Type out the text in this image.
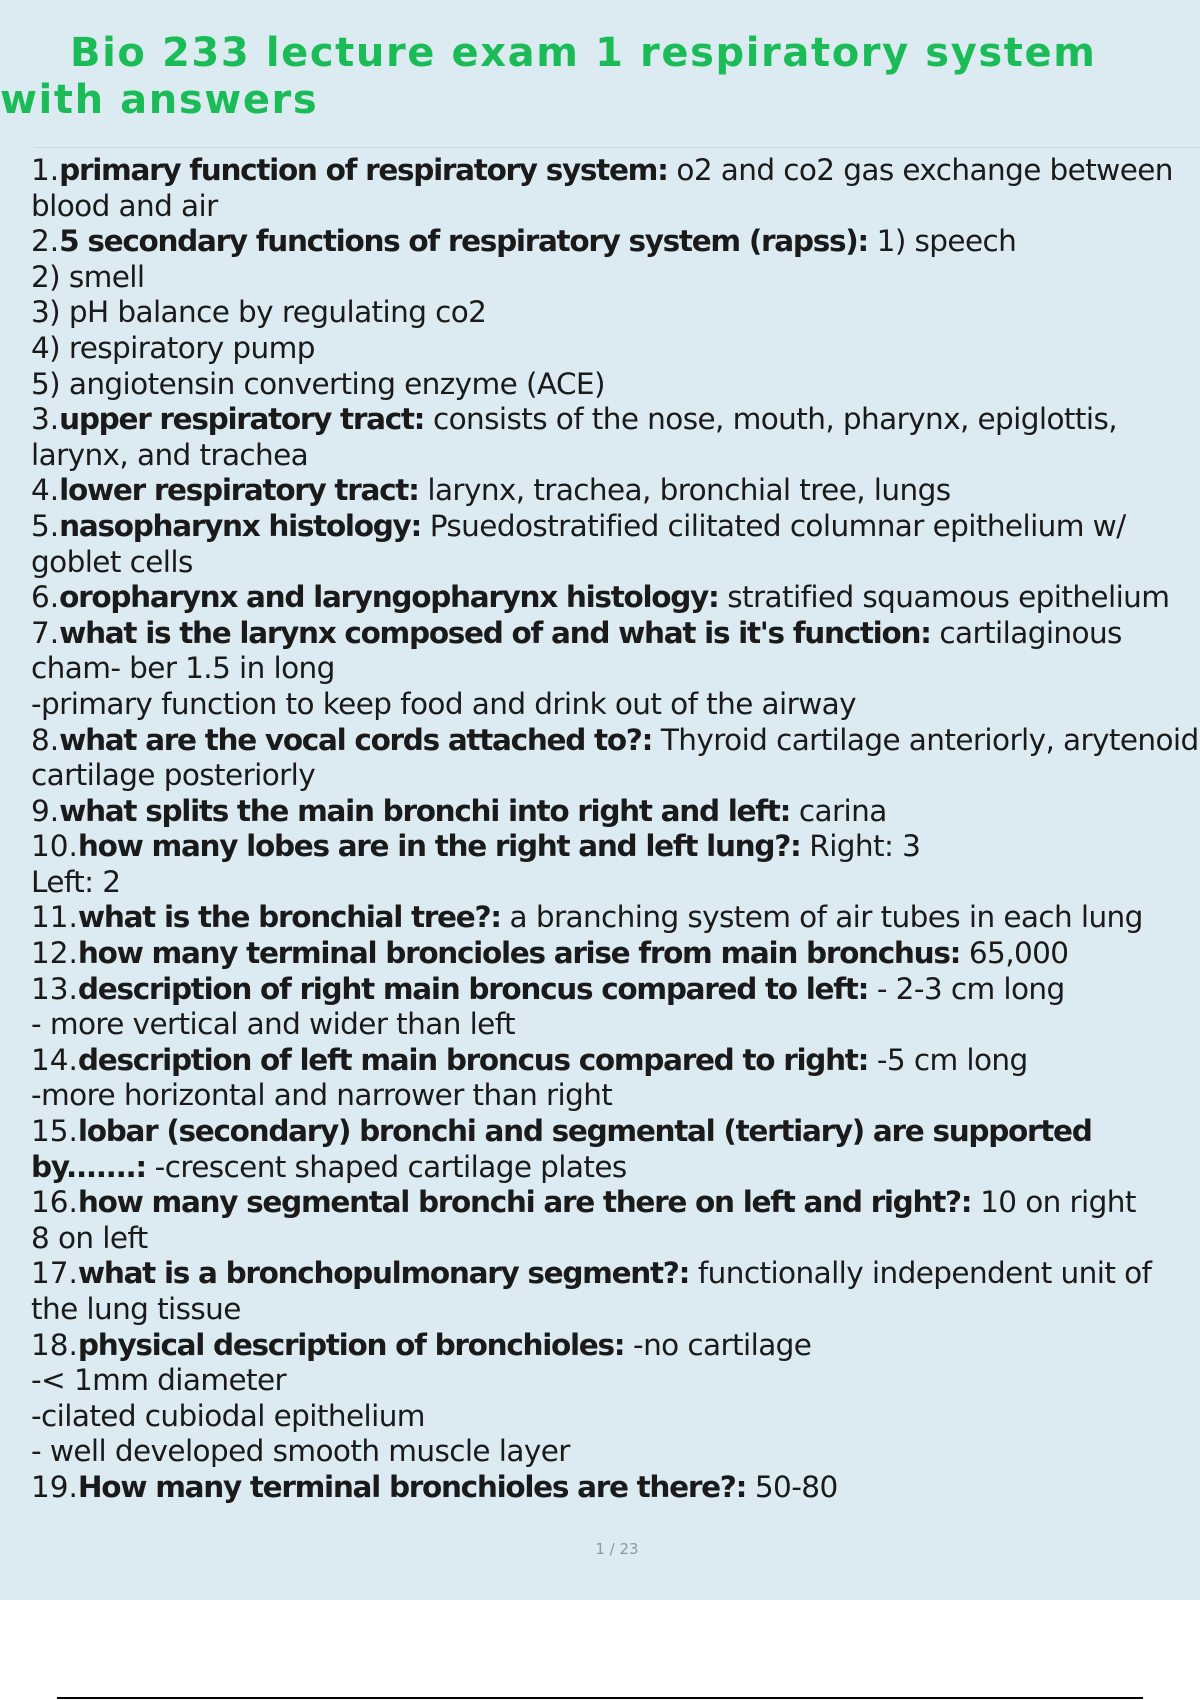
Bio 233 lecture exam 1 respiratory system with answers

1.primary function of respiratory system: o2 and co2 gas exchange between blood and air

2.5 secondary functions of respiratory system (rapss): 1) speech
2) smell
3) pH balance by regulating co2
4) respiratory pump
5) angiotensin converting enzyme (ACE)

3.upper respiratory tract: consists of the nose, mouth, pharynx, epiglottis, larynx, and trachea

4.lower respiratory tract: larynx, trachea, bronchial tree, lungs

5.nasopharynx histology: Psuedostratified cilitated columnar epithelium w/ goblet cells

6.oropharynx and laryngopharynx histology: stratified squamous epithelium

7.what is the larynx composed of and what is it's function: cartilaginous cham- ber 1.5 in long
-primary function to keep food and drink out of the airway

8.what are the vocal cords attached to?: Thyroid cartilage anteriorly, arytenoid cartilage posteriorly

9.what splits the main bronchi into right and left: carina

10.how many lobes are in the right and left lung?: Right: 3
Left: 2

11.what is the bronchial tree?: a branching system of air tubes in each lung

12.how many terminal broncioles arise from main bronchus: 65,000

13.description of right main broncus compared to left: - 2-3 cm long
- more vertical and wider than left

14.description of left main broncus compared to right: -5 cm long
-more horizontal and narrower than right

15.lobar (secondary) bronchi and segmental (tertiary) are supported by.......: -crescent shaped cartilage plates

16.how many segmental bronchi are there on left and right?: 10 on right
8 on left

17.what is a bronchopulmonary segment?: functionally independent unit of the lung tissue

18.physical description of bronchioles: -no cartilage
-< 1mm diameter
-cilated cubiodal epithelium
- well developed smooth muscle layer

19.How many terminal bronchioles are there?: 50-80

1 / 23
